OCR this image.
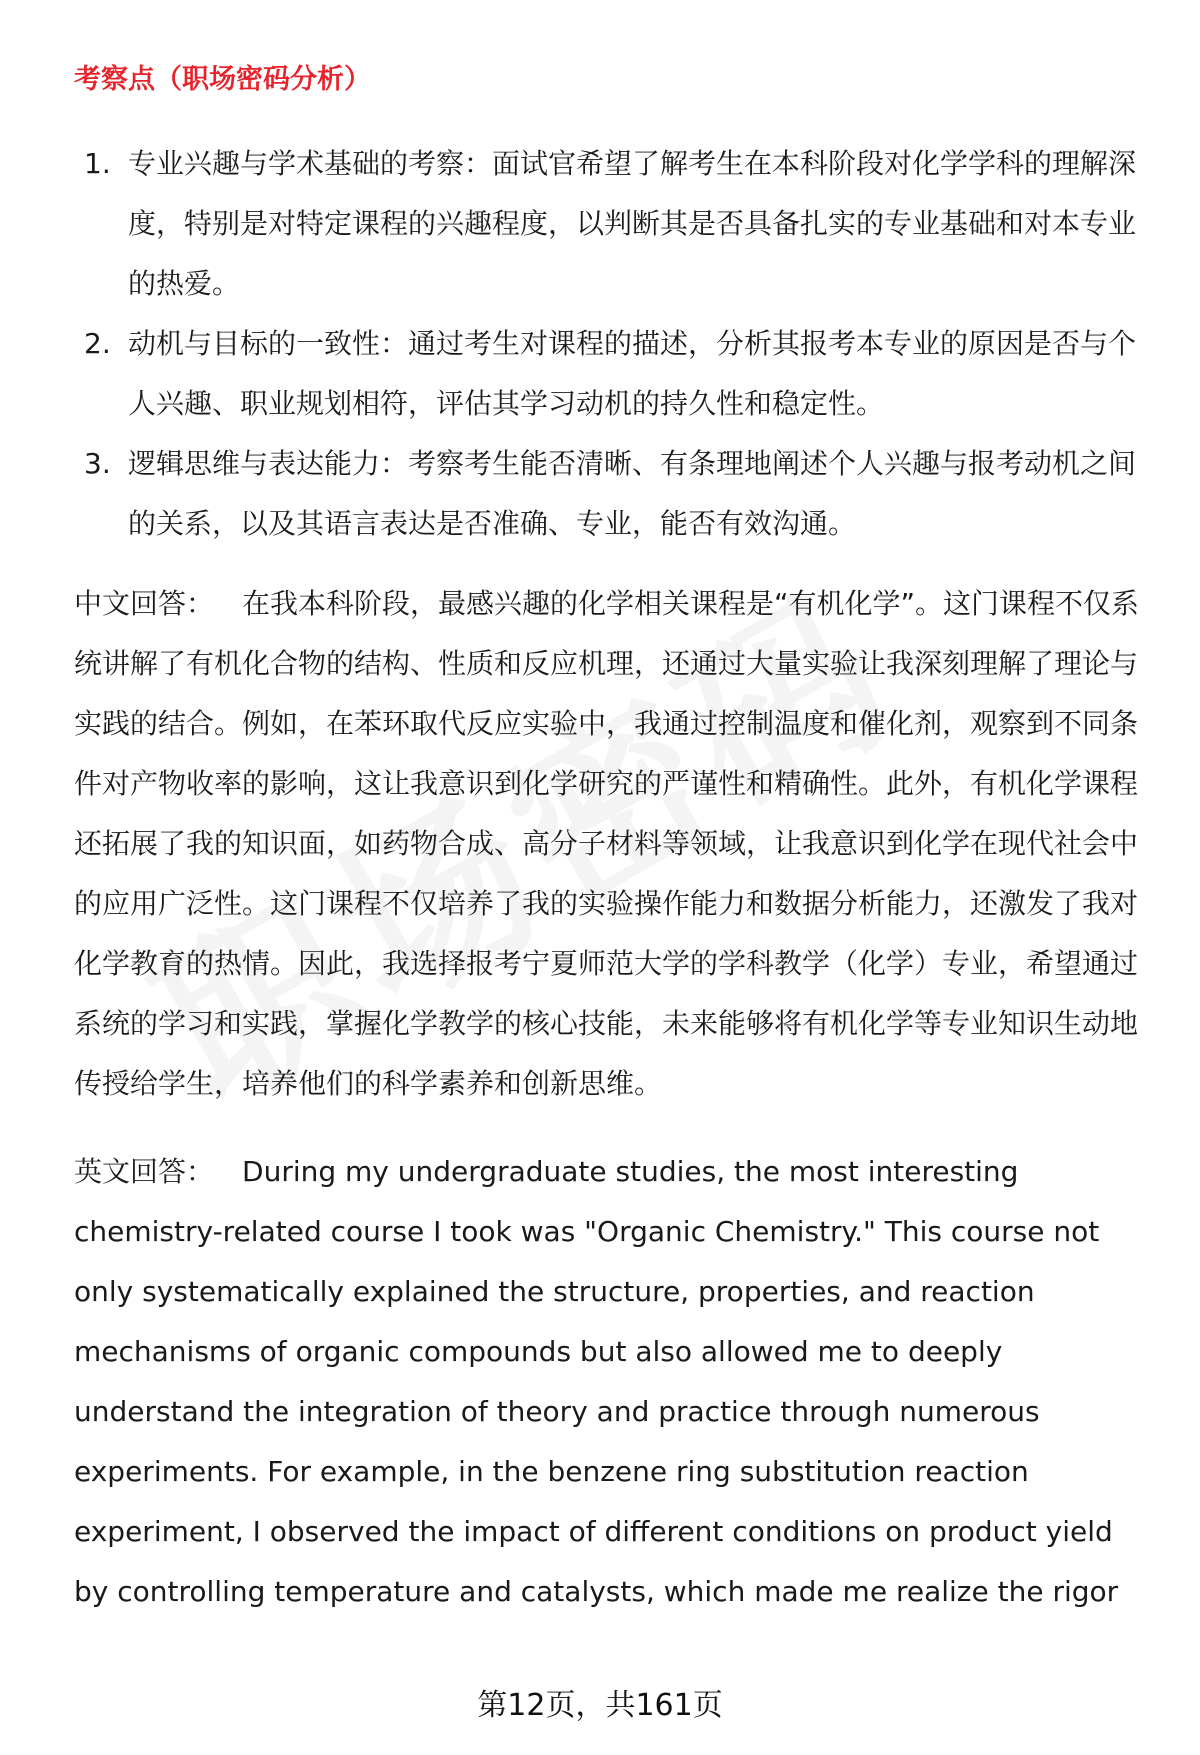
考察点（职场密码分析）
1. 专业兴趣与学术基础的考察：面试官希望了解考生在本科阶段对化学学科的理解深度，特别是对特定课程的兴趣程度，以判断其是否具备扎实的专业基础和对本专业的热爱。
2. 动机与目标的一致性：通过考生对课程的描述，分析其报考本专业的原因是否与个人兴趣、职业规划相符，评估其学习动机的持久性和稳定性。
3. 逻辑思维与表达能力：考察考生能否清晰、有条理地阐述个人兴趣与报考动机之间的关系，以及其语言表达是否准确、专业，能否有效沟通。

中文回答： 在我本科阶段，最感兴趣的化学相关课程是“有机化学”。这门课程不仅系统讲解了有机化合物的结构、性质和反应机理，还通过大量实验让我深刻理解了理论与实践的结合。例如，在苯环取代反应实验中，我通过控制温度和催化剂，观察到不同条件对产物收率的影响，这让我意识到化学研究的严谨性和精确性。此外，有机化学课程还拓展了我的知识面，如药物合成、高分子材料等领域，让我意识到化学在现代社会中的应用广泛性。这门课程不仅培养了我的实验操作能力和数据分析能力，还激发了我对化学教育的热情。因此，我选择报考宁夏师范大学的学科教学（化学）专业，希望通过系统的学习和实践，掌握化学教学的核心技能，未来能够将有机化学等专业知识生动地传授给学生，培养他们的科学素养和创新思维。

英文回答： During my undergraduate studies, the most interesting chemistry-related course I took was "Organic Chemistry." This course not only systematically explained the structure, properties, and reaction mechanisms of organic compounds but also allowed me to deeply understand the integration of theory and practice through numerous experiments. For example, in the benzene ring substitution reaction experiment, I observed the impact of different conditions on product yield by controlling temperature and catalysts, which made me realize the rigor

第12页，共161页
